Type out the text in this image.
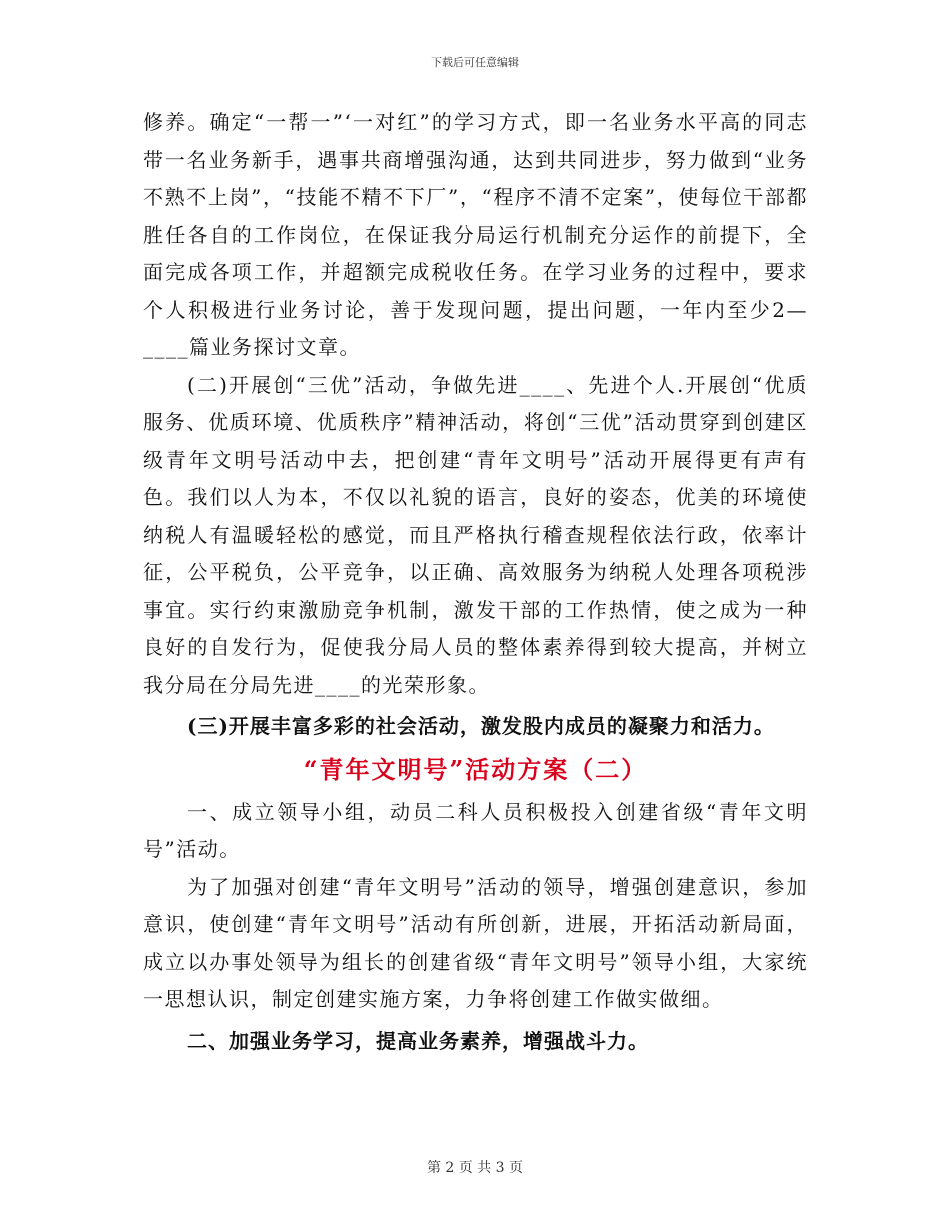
下载后可任意编辑

修养。确定“一帮一”‘一对红”的学习方式，即一名业务水平高的同志带一名业务新手，遇事共商增强沟通，达到共同进步，努力做到“业务不熟不上岗”，“技能不精不下厂”，“程序不清不定案”，使每位干部都胜任各自的工作岗位，在保证我分局运行机制充分运作的前提下，全面完成各项工作，并超额完成税收任务。在学习业务的过程中，要求个人积极进行业务讨论，善于发现问题，提出问题，一年内至少2—____篇业务探讨文章。

(二)开展创“三优”活动，争做先进____、先进个人.开展创“优质服务、优质环境、优质秩序”精神活动，将创“三优”活动贯穿到创建区级青年文明号活动中去，把创建“青年文明号”活动开展得更有声有色。我们以人为本，不仅以礼貌的语言，良好的姿态，优美的环境使纳税人有温暖轻松的感觉，而且严格执行稽查规程依法行政，依率计征，公平税负，公平竞争，以正确、高效服务为纳税人处理各项税涉事宜。实行约束激励竞争机制，激发干部的工作热情，使之成为一种良好的自发行为，促使我分局人员的整体素养得到较大提高，并树立我分局在分局先进____的光荣形象。

(三)开展丰富多彩的社会活动，激发股内成员的凝聚力和活力。

“青年文明号”活动方案（二）

一、成立领导小组，动员二科人员积极投入创建省级“青年文明号”活动。

为了加强对创建“青年文明号”活动的领导，增强创建意识，参加意识，使创建“青年文明号”活动有所创新，进展，开拓活动新局面，成立以办事处领导为组长的创建省级“青年文明号”领导小组，大家统一思想认识，制定创建实施方案，力争将创建工作做实做细。

二、加强业务学习，提高业务素养，增强战斗力。

第 2 页 共 3 页
